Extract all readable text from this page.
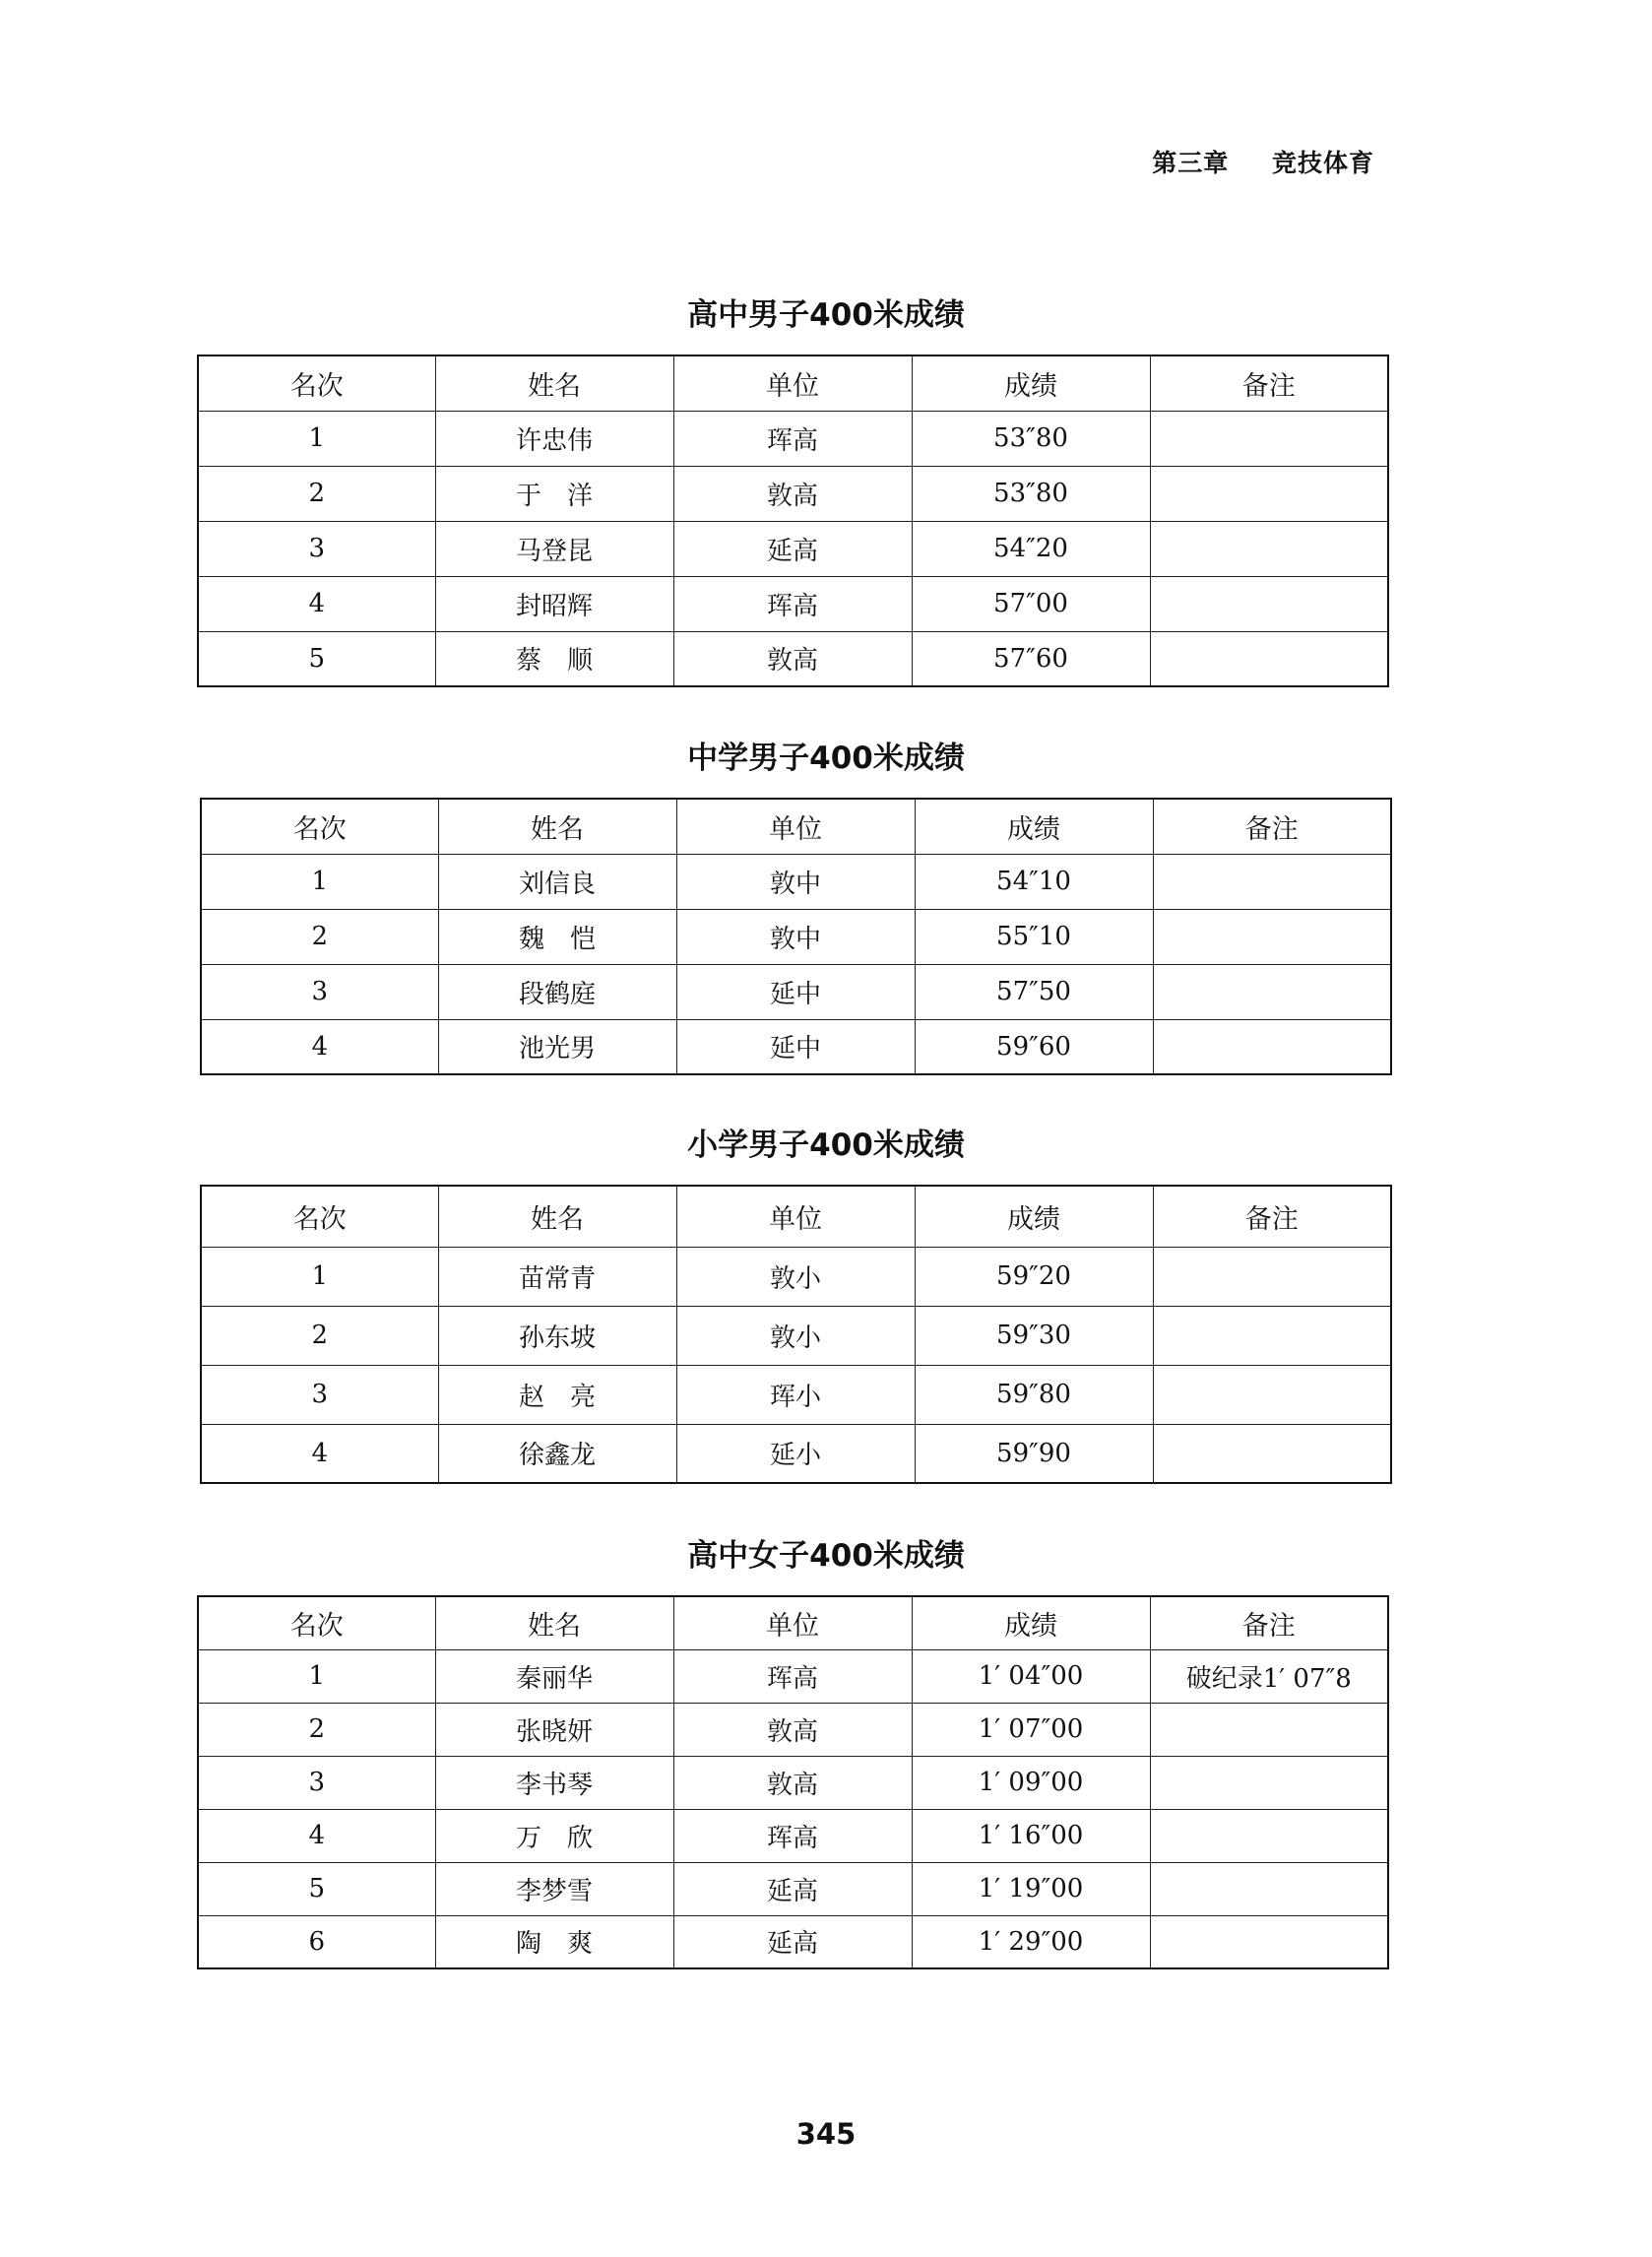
第三章 竞技体育
高中男子400米成绩
名次	姓名	单位	成绩	备注
1	许忠伟	珲高	53″80	
2	于　洋	敦高	53″80	
3	马登昆	延高	54″20	
4	封昭辉	珲高	57″00	
5	蔡　顺	敦高	57″60	
中学男子400米成绩
名次	姓名	单位	成绩	备注
1	刘信良	敦中	54″10	
2	魏　恺	敦中	55″10	
3	段鹤庭	延中	57″50	
4	池光男	延中	59″60	
小学男子400米成绩
名次	姓名	单位	成绩	备注
1	苗常青	敦小	59″20	
2	孙东坡	敦小	59″30	
3	赵　亮	珲小	59″80	
4	徐鑫龙	延小	59″90	
高中女子400米成绩
名次	姓名	单位	成绩	备注
1	秦丽华	珲高	1′ 04″00	破纪录1′ 07″8
2	张晓妍	敦高	1′ 07″00	
3	李书琴	敦高	1′ 09″00	
4	万　欣	珲高	1′ 16″00	
5	李梦雪	延高	1′ 19″00	
6	陶　爽	延高	1′ 29″00	
345
